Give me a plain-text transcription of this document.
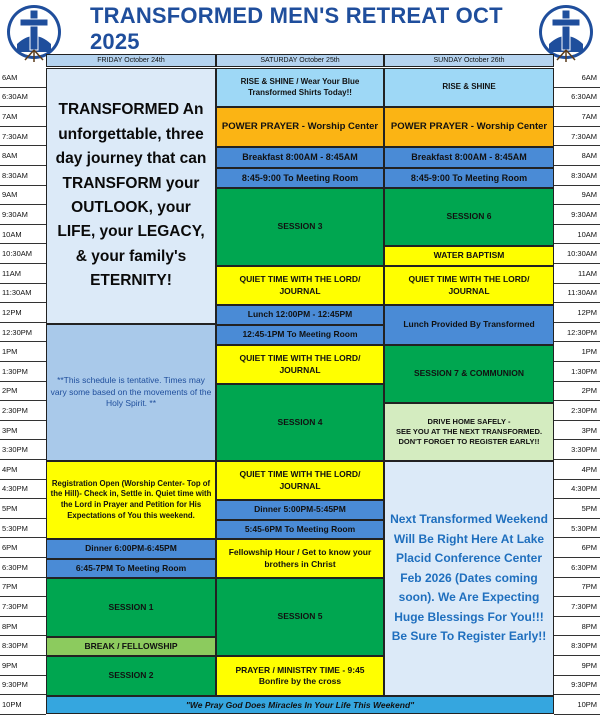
TRANSFORMED MEN'S RETREAT OCT 2025
FRIDAY October 24th	SATURDAY October 25th	SUNDAY October 26th
6AM
6:30AM
7AM
7:30AM
8AM
8:30AM
9AM
9:30AM
10AM
10:30AM
11AM
11:30AM
12PM
12:30PM
1PM
1:30PM
2PM
2:30PM
3PM
3:30PM
4PM
4:30PM
5PM
5:30PM
6PM
6:30PM
7PM
7:30PM
8PM
8:30PM
9PM
9:30PM
10PM
6AM
6:30AM
7AM
7:30AM
8AM
8:30AM
9AM
9:30AM
10AM
10:30AM
11AM
11:30AM
12PM
12:30PM
1PM
1:30PM
2PM
2:30PM
3PM
3:30PM
4PM
4:30PM
5PM
5:30PM
6PM
6:30PM
7PM
7:30PM
8PM
8:30PM
9PM
9:30PM
10PM
TRANSFORMED An unforgettable, three day journey that can TRANSFORM your OUTLOOK, your LIFE, your LEGACY, & your family's ETERNITY!
**This schedule is tentative. Times may vary some based on the movements of the Holy Spirit. **
Registration Open (Worship Center- Top of the Hill)- Check in, Settle in. Quiet time with the Lord in Prayer and Petition for His Expectations of You this weekend.
Dinner 6:00PM-6:45PM
6:45-7PM To Meeting Room
SESSION 1
BREAK / FELLOWSHIP
SESSION 2
RISE & SHINE / Wear Your Blue Transformed Shirts Today!!
POWER PRAYER - Worship Center
Breakfast 8:00AM - 8:45AM
8:45-9:00 To Meeting Room
SESSION 3
QUIET TIME WITH THE LORD/ JOURNAL
Lunch 12:00PM - 12:45PM
12:45-1PM To Meeting Room
QUIET TIME WITH THE LORD/ JOURNAL
SESSION 4
QUIET TIME WITH THE LORD/ JOURNAL
Dinner 5:00PM-5:45PM
5:45-6PM To Meeting Room
Fellowship Hour / Get to know your brothers in Christ
SESSION 5
PRAYER / MINISTRY TIME - 9:45
Bonfire by the cross
RISE & SHINE
POWER PRAYER - Worship Center
Breakfast 8:00AM - 8:45AM
8:45-9:00 To Meeting Room
SESSION 6
WATER BAPTISM
QUIET TIME WITH THE LORD/ JOURNAL
Lunch Provided By Transformed
SESSION 7 & COMMUNION
DRIVE HOME SAFELY -
SEE YOU AT THE NEXT TRANSFORMED.
DON'T FORGET TO REGISTER EARLY!!
Next Transformed Weekend Will Be Right Here At Lake Placid Conference Center Feb 2026 (Dates coming soon). We Are Expecting Huge Blessings For You!!! Be Sure To Register Early!!
"We Pray God Does Miracles In Your Life This Weekend"
